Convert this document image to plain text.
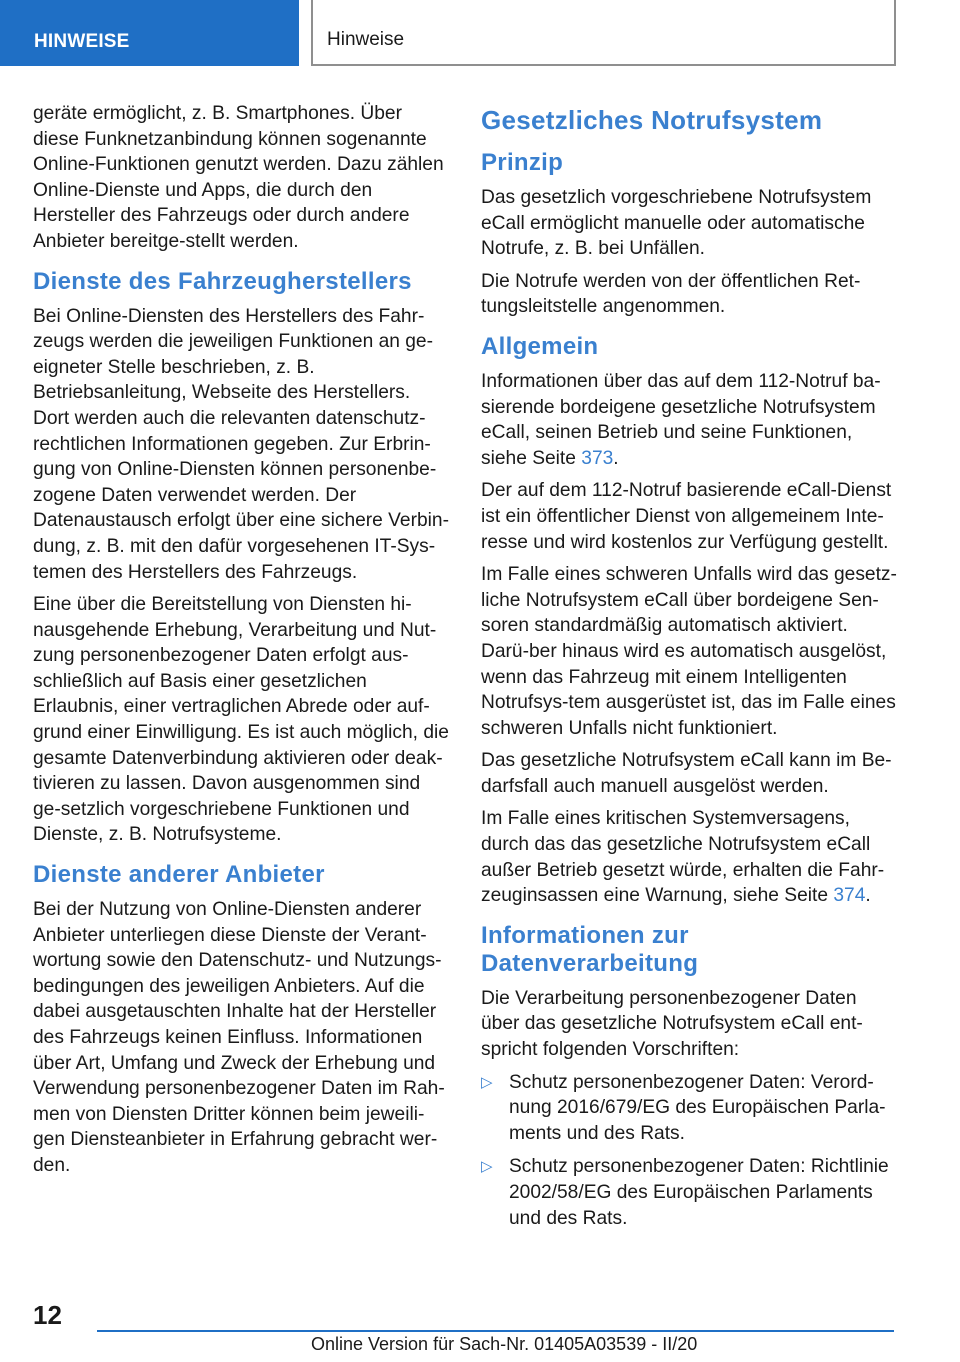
HINWEISE	Hinweise

geräte ermöglicht, z. B. Smartphones. Über diese Funknetzanbindung können sogenannte Online-Funktionen genutzt werden. Dazu zählen Online-Dienste und Apps, die durch den Hersteller des Fahrzeugs oder durch andere Anbieter bereitge-stellt werden.

Dienste des Fahrzeugherstellers

Bei Online-Diensten des Herstellers des Fahr-zeugs werden die jeweiligen Funktionen an ge-eigneter Stelle beschrieben, z. B. Betriebsanleitung, Webseite des Herstellers. Dort werden auch die relevanten datenschutz-rechtlichen Informationen gegeben. Zur Erbrin-gung von Online-Diensten können personenbe-zogene Daten verwendet werden. Der Datenaustausch erfolgt über eine sichere Verbin-dung, z. B. mit den dafür vorgesehenen IT-Sys-temen des Herstellers des Fahrzeugs.

Eine über die Bereitstellung von Diensten hi-nausgehende Erhebung, Verarbeitung und Nut-zung personenbezogener Daten erfolgt aus-schließlich auf Basis einer gesetzlichen Erlaubnis, einer vertraglichen Abrede oder auf-grund einer Einwilligung. Es ist auch möglich, die gesamte Datenverbindung aktivieren oder deak-tivieren zu lassen. Davon ausgenommen sind ge-setzlich vorgeschriebene Funktionen und Dienste, z. B. Notrufsysteme.

Dienste anderer Anbieter

Bei der Nutzung von Online-Diensten anderer Anbieter unterliegen diese Dienste der Verant-wortung sowie den Datenschutz- und Nutzungs-bedingungen des jeweiligen Anbieters. Auf die dabei ausgetauschten Inhalte hat der Hersteller des Fahrzeugs keinen Einfluss. Informationen über Art, Umfang und Zweck der Erhebung und Verwendung personenbezogener Daten im Rah-men von Diensten Dritter können beim jeweili-gen Diensteanbieter in Erfahrung gebracht wer-den.

Gesetzliches Notrufsystem
Prinzip

Das gesetzlich vorgeschriebene Notrufsystem eCall ermöglicht manuelle oder automatische Notrufe, z. B. bei Unfällen.

Die Notrufe werden von der öffentlichen Ret-tungsleitstelle angenommen.

Allgemein

Informationen über das auf dem 112-Notruf ba-sierende bordeigene gesetzliche Notrufsystem eCall, seinen Betrieb und seine Funktionen, siehe Seite 373.

Der auf dem 112-Notruf basierende eCall-Dienst ist ein öffentlicher Dienst von allgemeinem Inte-resse und wird kostenlos zur Verfügung gestellt.

Im Falle eines schweren Unfalls wird das gesetz-liche Notrufsystem eCall über bordeigene Sen-soren standardmäßig automatisch aktiviert. Darü-ber hinaus wird es automatisch ausgelöst, wenn das Fahrzeug mit einem Intelligenten Notrufsys-tem ausgerüstet ist, das im Falle eines schweren Unfalls nicht funktioniert.

Das gesetzliche Notrufsystem eCall kann im Be-darfsfall auch manuell ausgelöst werden.

Im Falle eines kritischen Systemversagens, durch das das gesetzliche Notrufsystem eCall außer Betrieb gesetzt würde, erhalten die Fahr-zeuginsassen eine Warnung, siehe Seite 374.

Informationen zur
Datenverarbeitung

Die Verarbeitung personenbezogener Daten über das gesetzliche Notrufsystem eCall ent-spricht folgenden Vorschriften:

▷ Schutz personenbezogener Daten: Verord-nung 2016/679/EG des Europäischen Parla-ments und des Rats.
▷ Schutz personenbezogener Daten: Richtlinie 2002/58/EG des Europäischen Parlaments und des Rats.
12
Online Version für Sach-Nr. 01405A03539 - II/20
